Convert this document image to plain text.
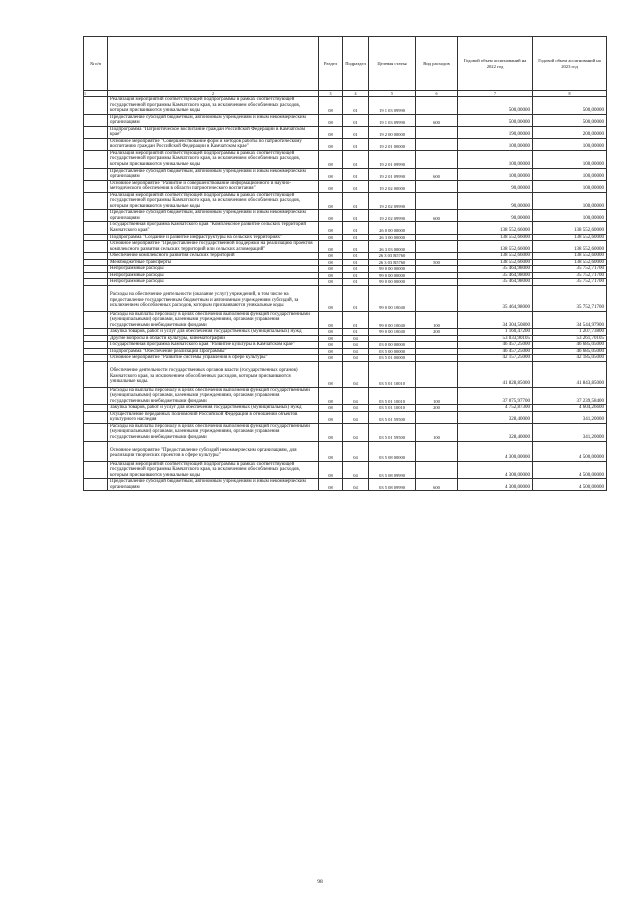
№ п/п		Раздел	Подраздел	Целевая статья	Вид расходов	Годовой объем ассигнований на 2022 год	Годовой объем ассигнований на 2023 год
1	2	3	4	5	6	7	8
	Реализация мероприятий соответствующей подпрограммы в рамках соответствующей государственной программы Камчатского края, за исключением обособленных расходов, которым присваиваются уникальные коды	08	01	19 1 03 09990		500,00000	500,00000
	Предоставление субсидий бюджетным, автономным учреждениям и иным некоммерческим организациям	08	01	19 1 03 09990	600	500,00000	500,00000
	Подпрограмма "Патриотическое воспитание граждан Российской Федерации в Камчатском крае"	08	01	19 2 00 00000		190,00000	200,00000
	Основное мероприятие "Совершенствование форм и методов работы по патриотическому воспитанию граждан Российской Федерации в Камчатском крае"	08	01	19 2 01 00000		100,00000	100,00000
	Реализация мероприятий соответствующей подпрограммы в рамках соответствующей государственной программы Камчатского края, за исключением обособленных расходов, которым присваиваются уникальные коды	08	01	19 2 01 09990		100,00000	100,00000
	Предоставление субсидий бюджетным, автономным учреждениям и иным некоммерческим организациям	08	01	19 2 01 09990	600	100,00000	100,00000
	Основное мероприятие "Развитие и совершенствование информационного и научно-методического обеспечения в области патриотического воспитания"	08	01	19 2 02 00000		90,00000	100,00000
	Реализация мероприятий соответствующей подпрограммы в рамках соответствующей государственной программы Камчатского края, за исключением обособленных расходов, которым присваиваются уникальные коды	08	01	19 2 02 09990		90,00000	100,00000
	Предоставление субсидий бюджетным, автономным учреждениям и иным некоммерческим организациям	08	01	19 2 02 09990	600	90,00000	100,00000
	Государственная программа Камчатского края "Комплексное развитие сельских территорий Камчатского края"	08	01	26 0 00 00000		138 552,66000	138 552,60000
	Подпрограмма "Создание и развитие инфраструктуры на сельских территориях"	08	01	26 3 00 00000		138 552,66000	138 552,60000
	Основное мероприятие "Предоставление государственной поддержки на реализацию проектов комплексного развития сельских территорий или сельских агломераций"	08	01	26 3 03 00000		138 552,66000	138 552,60000
	Обеспечение комплексного развития сельских территорий	08	01	26 3 03 R5760		138 552,66000	138 552,60000
	Межбюджетные трансферты	08	01	26 3 03 R5760	500	138 552,66000	138 552,60000
	Непрограммные расходы	08	01	99 0 00 00000		35 464,98000	35 752,71700
	Непрограммные расходы	08	01	99 0 00 00000		35 464,98000	35 752,71700
	Непрограммные расходы	08	01	99 0 00 00000		35 464,98000	35 752,71700
	Расходы на обеспечение деятельности (оказание услуг) учреждений, в том числе на предоставление государственным бюджетным и автономным учреждениям субсидий, за исключением обособленных расходов, которым присваиваются уникальные коды	08	01	99 0 00 10040		35 464,98000	35 752,71700
	Расходы на выплаты персоналу в целях обеспечения выполнения функций государственными (муниципальными) органами, казенными учреждениями, органами управления государственными внебюджетными фондами	08	01	99 0 00 10040	100	34 304,50800	34 544,97900
	Закупка товаров, работ и услуг для обеспечения государственных (муниципальных) нужд	08	01	99 0 00 10040	200	1 160,47200	1 207,73800
	Другие вопросы в области культуры, кинематографии	08	04			53 033,90105	53 261,70105
	Государственная программа Камчатского края "Развитие культуры в Камчатском крае"	08	04	03 0 00 00000		46 457,25000	46 685,05000
	Подпрограмма "Обеспечение реализации Программы"	08	04	03 5 00 00000		46 457,25000	46 685,05000
	Основное мероприятие "Развитие системы управления в сфере культуры"	08	04	03 5 01 00000		42 157,25000	42 185,05000
	Обеспечение деятельности государственных органов власти (государственных органов) Камчатского края, за исключением обособленных расходов, которым присваиваются уникальные коды.	08	04	03 5 01 10010		41 828,85000	41 843,85000
	Расходы на выплаты персоналу в целях обеспечения выполнения функций государственными (муниципальными) органами, казенными учреждениями, органами управления государственными внебюджетными фондами	08	04	03 5 01 10010	100	37 075,97700	37 239,58400
	Закупка товаров, работ и услуг для обеспечения государственных (муниципальных) нужд	08	04	03 5 01 10010	200	4 752,87300	4 604,26600
	Осуществление переданных полномочий Российской Федерации в отношении объектов культурного наследия	08	04	03 5 01 59500		328,40000	341,20000
	Расходы на выплаты персоналу в целях обеспечения выполнения функций государственными (муниципальными) органами, казенными учреждениями, органами управления государственными внебюджетными фондами	08	04	03 5 01 59500	100	328,40000	341,20000
	Основное мероприятие "Предоставление субсидий некоммерческим организациям, для реализации творческих проектов в сфере культуры"	08	04	03 5 08 00000		4 300,00000	4 500,00000
	Реализация мероприятий соответствующей подпрограммы в рамках соответствующей государственной программы Камчатского края, за исключением обособленных расходов, которым присваиваются уникальные коды	08	04	03 5 08 09990		4 300,00000	4 500,00000
	Предоставление субсидий бюджетным, автономным учреждениям и иным некоммерческим организациям	08	04	03 5 08 09990	600	4 300,00000	4 500,00000
98
